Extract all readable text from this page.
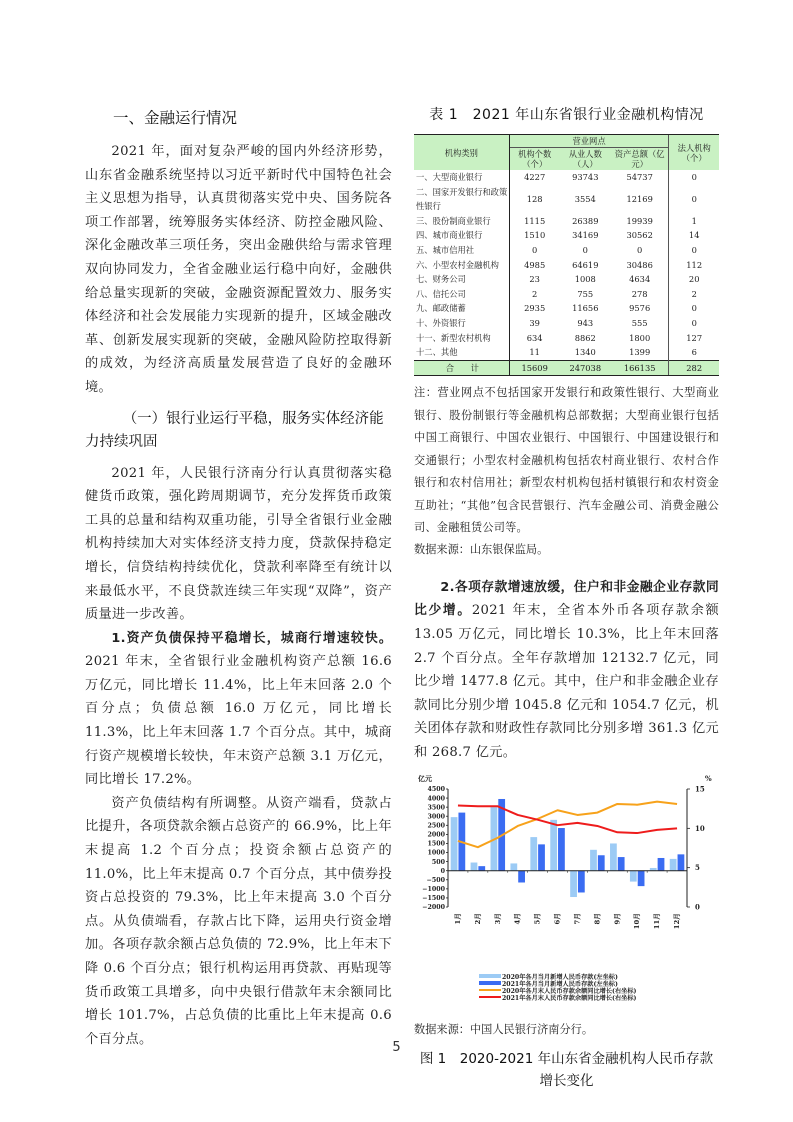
一、金融运行情况

2021 年，面对复杂严峻的国内外经济形势，山东省金融系统坚持以习近平新时代中国特色社会主义思想为指导，认真贯彻落实党中央、国务院各项工作部署，统筹服务实体经济、防控金融风险、深化金融改革三项任务，突出金融供给与需求管理双向协同发力，全省金融业运行稳中向好，金融供给总量实现新的突破，金融资源配置效力、服务实体经济和社会发展能力实现新的提升，区域金融改革、创新发展实现新的突破，金融风险防控取得新的成效，为经济高质量发展营造了良好的金融环境。

（一）银行业运行平稳，服务实体经济能力持续巩固

2021 年，人民银行济南分行认真贯彻落实稳健货币政策，强化跨周期调节，充分发挥货币政策工具的总量和结构双重功能，引导全省银行业金融机构持续加大对实体经济支持力度，贷款保持稳定增长，信贷结构持续优化，贷款利率降至有统计以来最低水平，不良贷款连续三年实现“双降”，资产质量进一步改善。

1.资产负债保持平稳增长，城商行增速较快。2021 年末，全省银行业金融机构资产总额 16.6 万亿元，同比增长 11.4%，比上年末回落 2.0 个百分点；负债总额 16.0 万亿元，同比增长 11.3%，比上年末回落 1.7 个百分点。其中，城商行资产规模增长较快，年末资产总额 3.1 万亿元，同比增长 17.2%。

资产负债结构有所调整。从资产端看，贷款占比提升，各项贷款余额占总资产的 66.9%，比上年末提高 1.2 个百分点；投资余额占总资产的 11.0%，比上年末提高 0.7 个百分点，其中债券投资占总投资的 79.3%，比上年末提高 3.0 个百分点。从负债端看，存款占比下降，运用央行资金增加。各项存款余额占总负债的 72.9%，比上年末下降 0.6 个百分点；银行机构运用再贷款、再贴现等货币政策工具增多，向中央银行借款年末余额同比增长 101.7%，占总负债的比重比上年末提高 0.6 个百分点。

表 1　2021 年山东省银行业金融机构情况
机构类别	营业网点			法人机构（个）
	机构个数（个）	从业人数（人）	资产总额（亿元）	
一、大型商业银行	4227	93743	54737	0
二、国家开发银行和政策性银行	128	3554	12169	0
三、股份制商业银行	1115	26389	19939	1
四、城市商业银行	1510	34169	30562	14
五、城市信用社	0	0	0	0
六、小型农村金融机构	4985	64619	30486	112
七、财务公司	23	1008	4634	20
八、信托公司	2	755	278	2
九、邮政储蓄	2935	11656	9576	0
十、外资银行	39	943	555	0
十一、新型农村机构	634	8862	1800	127
十二、其他	11	1340	1399	6
合　　计	15609	247038	166135	282

注：营业网点不包括国家开发银行和政策性银行、大型商业银行、股份制银行等金融机构总部数据；大型商业银行包括中国工商银行、中国农业银行、中国银行、中国建设银行和交通银行；小型农村金融机构包括农村商业银行、农村合作银行和农村信用社；新型农村机构包括村镇银行和农村资金互助社；“其他”包含民营银行、汽车金融公司、消费金融公司、金融租赁公司等。

数据来源：山东银保监局。

2.各项存款增速放缓，住户和非金融企业存款同比少增。2021 年末，全省本外币各项存款余额 13.05 万亿元，同比增长 10.3%，比上年末回落 2.7 个百分点。全年存款增加 12132.7 亿元，同比少增 1477.8 亿元。其中，住户和非金融企业存款同比分别少增 1045.8 亿元和 1054.7 亿元，机关团体存款和财政性存款同比分别多增 361.3 亿元和 268.7 亿元。

亿元	%
4500
4000
3500
3000
2500
2000
1500
1000
500
0
−500
−1000
−1500
−2000
15
10
5
0
1月 2月 3月 4月 5月 6月 7月 8月 9月 10月 11月 12月
2020年各月当月新增人民币存款(左坐标)
2021年各月当月新增人民币存款(左坐标)
2020年各月末人民币存款余额同比增长(右坐标)
2021年各月末人民币存款余额同比增长(右坐标)

数据来源：中国人民银行济南分行。

图 1　2020-2021 年山东省金融机构人民币存款
增长变化
5
